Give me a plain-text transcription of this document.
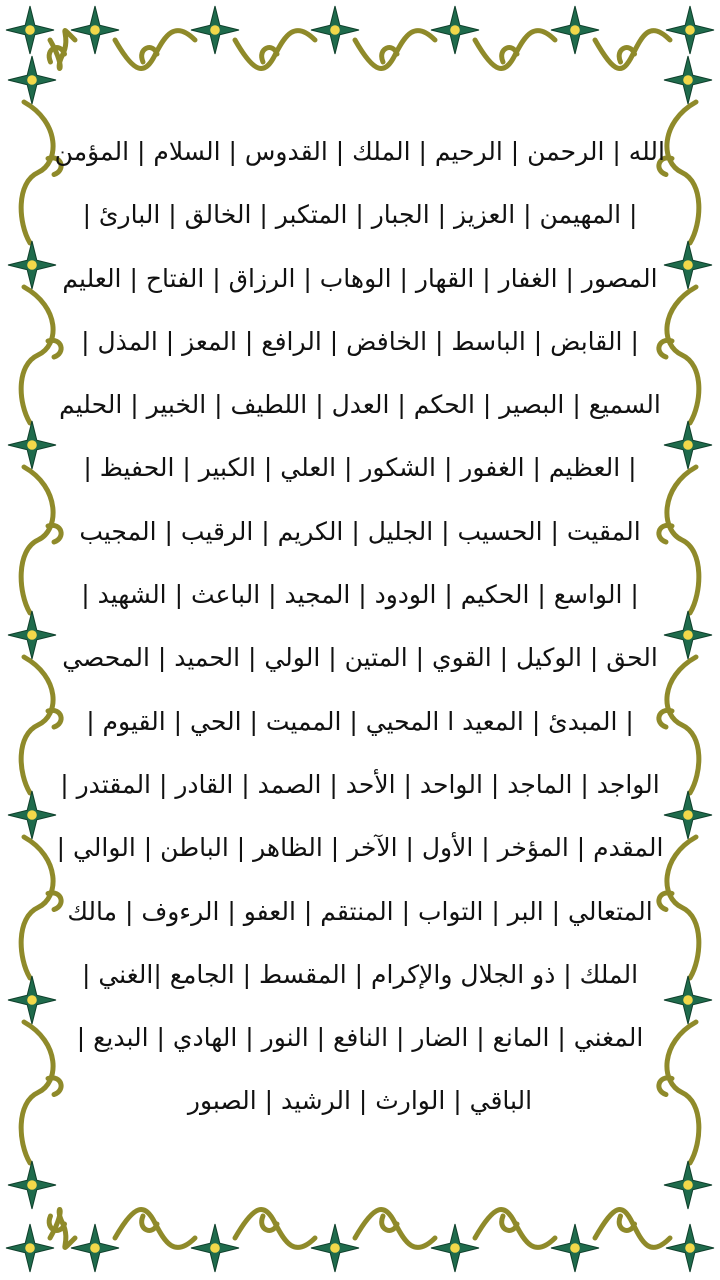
الله | الرحمن | الرحيم | الملك | القدوس | السلام | المؤمن
| المهيمن | العزيز | الجبار | المتكبر | الخالق | البارئ |
المصور | الغفار | القهار | الوهاب | الرزاق | الفتاح | العليم
| القابض | الباسط | الخافض | الرافع | المعز | المذل |
السميع | البصير | الحكم | العدل | اللطيف | الخبير | الحليم
| العظيم | الغفور | الشكور | العلي | الكبير | الحفيظ |
المقيت | الحسيب | الجليل | الكريم | الرقيب | المجيب
| الواسع | الحكيم | الودود | المجيد | الباعث | الشهيد |
الحق | الوكيل | القوي | المتين | الولي | الحميد | المحصي
| المبدئ | المعيد ا المحيي | المميت | الحي | القيوم |
الواجد | الماجد | الواحد | الأحد | الصمد | القادر | المقتدر |
المقدم | المؤخر | الأول | الآخر | الظاهر | الباطن | الوالي |
المتعالي | البر | التواب | المنتقم | العفو | الرءوف | مالك
الملك | ذو الجلال والإكرام | المقسط | الجامع |الغني |
المغني | المانع | الضار | النافع | النور | الهادي | البديع |
الباقي | الوارث | الرشيد | الصبور
